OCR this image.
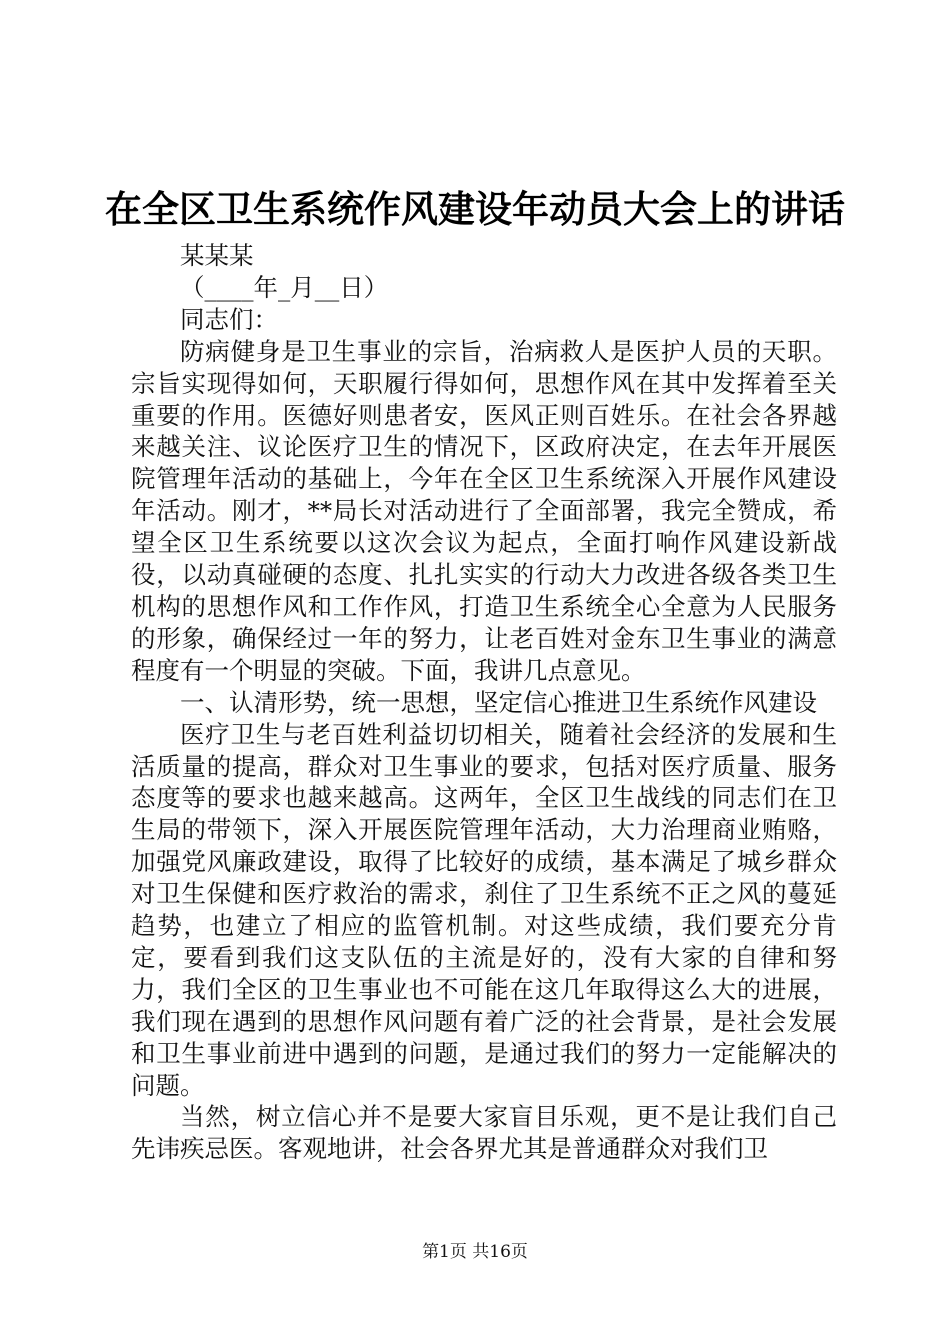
在全区卫生系统作风建设年动员大会上的讲话

某某某

（____年_月__日）

同志们：

防病健身是卫生事业的宗旨，治病救人是医护人员的天职。宗旨实现得如何，天职履行得如何，思想作风在其中发挥着至关重要的作用。医德好则患者安，医风正则百姓乐。在社会各界越来越关注、议论医疗卫生的情况下，区政府决定，在去年开展医院管理年活动的基础上，今年在全区卫生系统深入开展作风建设年活动。刚才，**局长对活动进行了全面部署，我完全赞成，希望全区卫生系统要以这次会议为起点，全面打响作风建设新战役，以动真碰硬的态度、扎扎实实的行动大力改进各级各类卫生机构的思想作风和工作作风，打造卫生系统全心全意为人民服务的形象，确保经过一年的努力，让老百姓对金东卫生事业的满意程度有一个明显的突破。下面，我讲几点意见。

一、认清形势，统一思想，坚定信心推进卫生系统作风建设

医疗卫生与老百姓利益切切相关，随着社会经济的发展和生活质量的提高，群众对卫生事业的要求，包括对医疗质量、服务态度等的要求也越来越高。这两年，全区卫生战线的同志们在卫生局的带领下，深入开展医院管理年活动，大力治理商业贿赂，加强党风廉政建设，取得了比较好的成绩，基本满足了城乡群众对卫生保健和医疗救治的需求，刹住了卫生系统不正之风的蔓延趋势，也建立了相应的监管机制。对这些成绩，我们要充分肯定，要看到我们这支队伍的主流是好的，没有大家的自律和努力，我们全区的卫生事业也不可能在这几年取得这么大的进展，我们现在遇到的思想作风问题有着广泛的社会背景，是社会发展和卫生事业前进中遇到的问题，是通过我们的努力一定能解决的问题。

当然，树立信心并不是要大家盲目乐观，更不是让我们自己先讳疾忌医。客观地讲，社会各界尤其是普通群众对我们卫

第1页 共16页
